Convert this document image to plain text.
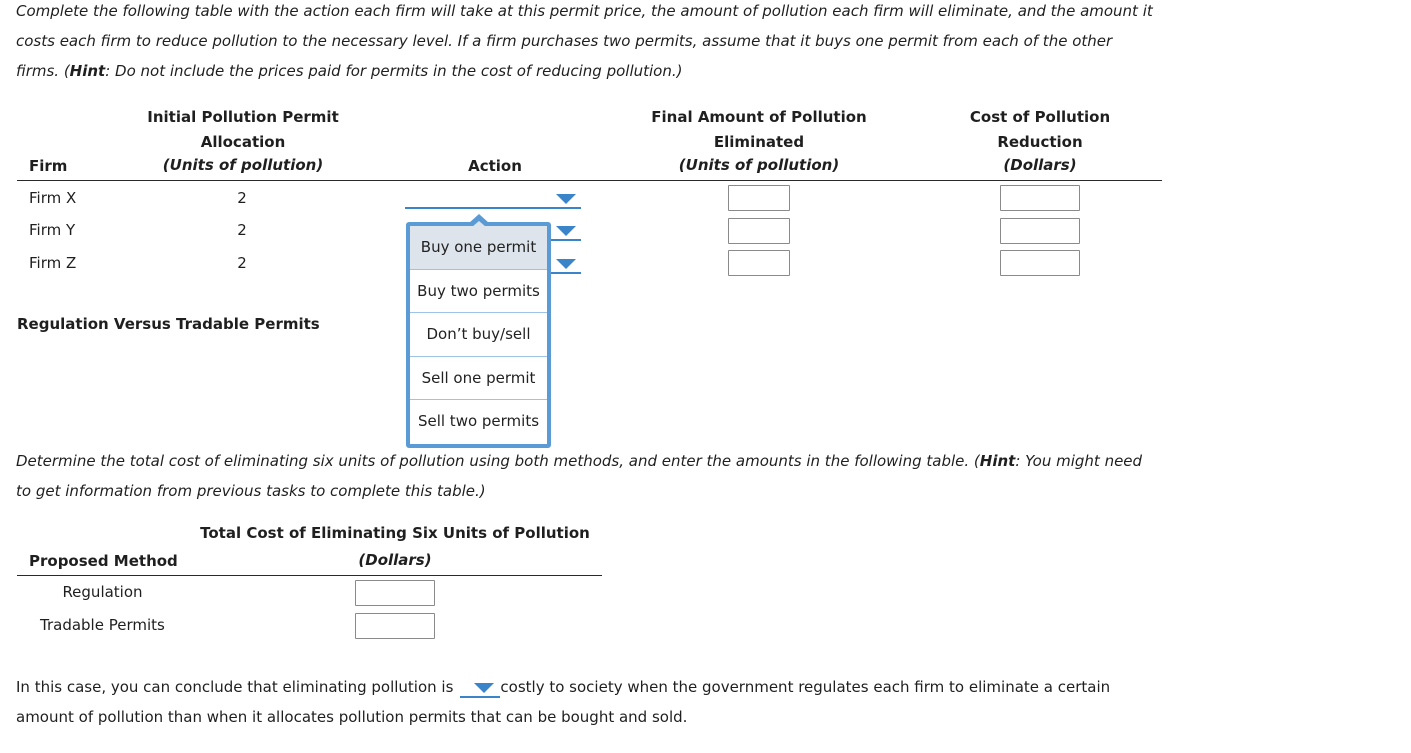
Complete the following table with the action each firm will take at this permit price, the amount of pollution each firm will eliminate, and the amount it
costs each firm to reduce pollution to the necessary level. If a firm purchases two permits, assume that it buys one permit from each of the other
firms. (Hint: Do not include the prices paid for permits in the cost of reducing pollution.)
Initial Pollution Permit
Allocation
(Units of pollution)
Firm	Action
Final Amount of Pollution
Eliminated
(Units of pollution)
Cost of Pollution
Reduction
(Dollars)
Firm X
Firm Y
Firm Z
2
2
2
Regulation Versus Tradable Permits
Determine the total cost of eliminating six units of pollution using both methods, and enter the amounts in the following table. (Hint: You might need
to get information from previous tasks to complete this table.)
Total Cost of Eliminating Six Units of Pollution
(Dollars)
Proposed Method
Regulation
Tradable Permits
In this case, you can conclude that eliminating pollution is	costly to society when the government regulates each firm to eliminate a certain
amount of pollution than when it allocates pollution permits that can be bought and sold.
Buy one permit
Buy two permits
Don’t buy/sell
Sell one permit
Sell two permits
